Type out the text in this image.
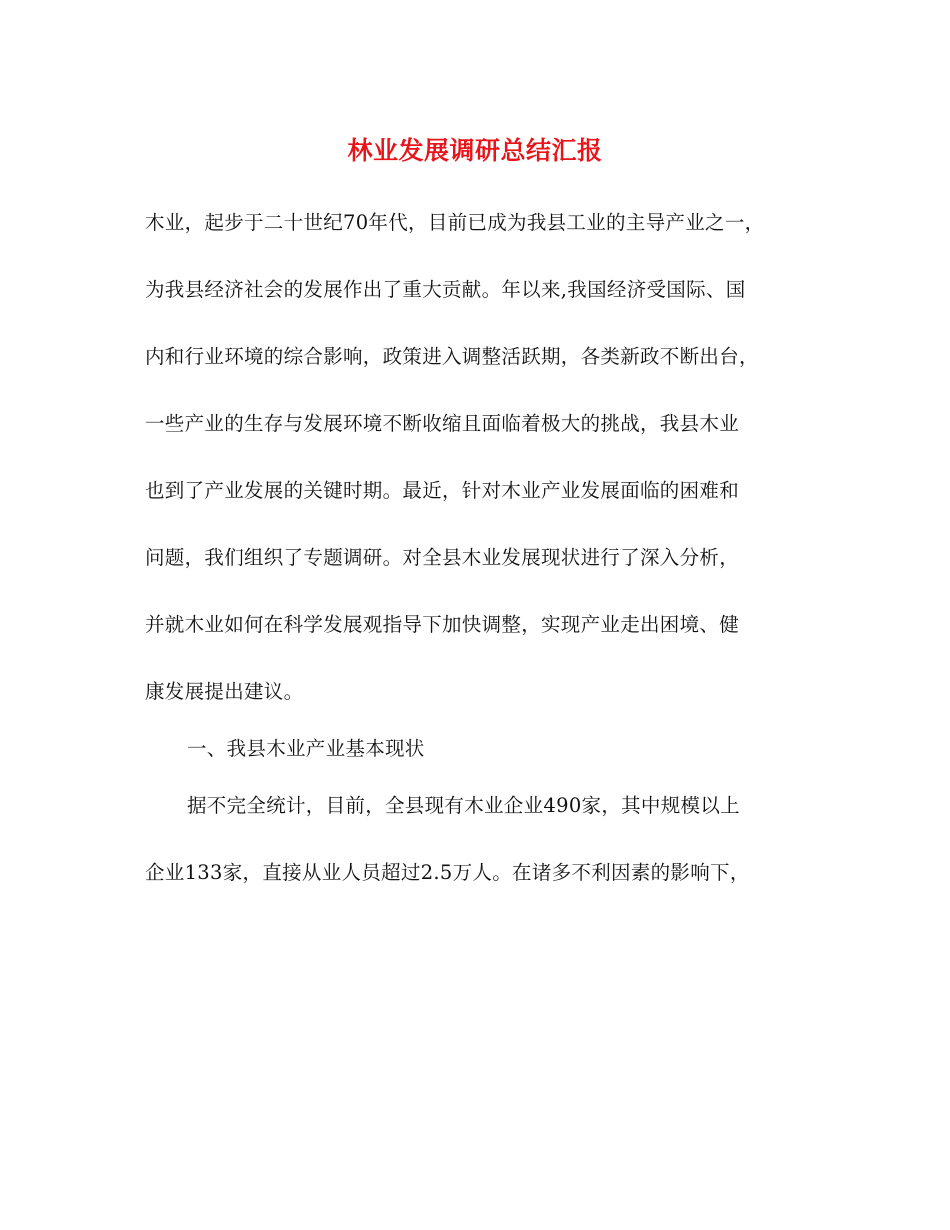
林业发展调研总结汇报
木业，起步于二十世纪70年代，目前已成为我县工业的主导产业之一，
为我县经济社会的发展作出了重大贡献。年以来,我国经济受国际、国
内和行业环境的综合影响，政策进入调整活跃期，各类新政不断出台，
一些产业的生存与发展环境不断收缩且面临着极大的挑战，我县木业
也到了产业发展的关键时期。最近，针对木业产业发展面临的困难和
问题，我们组织了专题调研。对全县木业发展现状进行了深入分析，
并就木业如何在科学发展观指导下加快调整，实现产业走出困境、健
康发展提出建议。
一、我县木业产业基本现状
据不完全统计，目前，全县现有木业企业490家，其中规模以上
企业133家，直接从业人员超过2.5万人。在诸多不利因素的影响下，
